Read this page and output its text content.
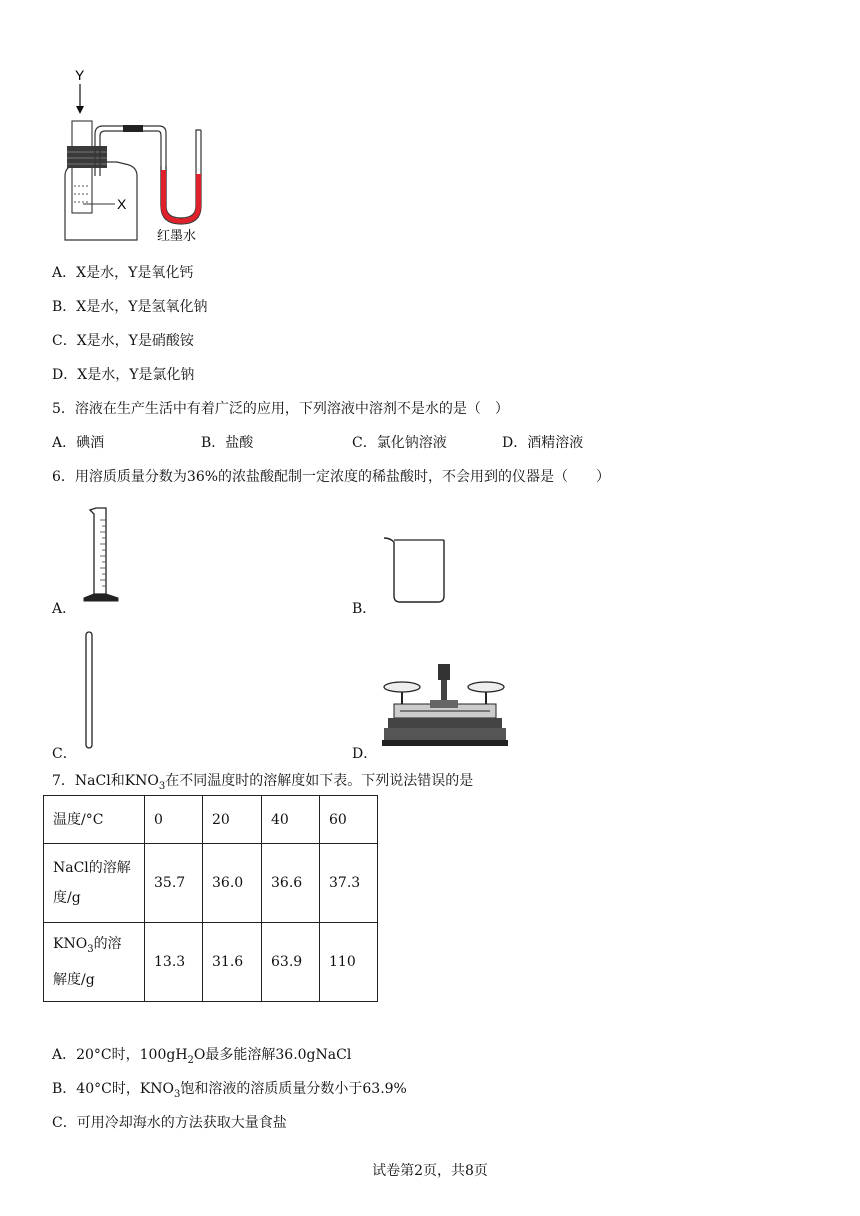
Y
X
红墨水
A．X是水，Y是氧化钙
B．X是水，Y是氢氧化钠
C．X是水，Y是硝酸铵
D．X是水，Y是氯化钠
5．溶液在生产生活中有着广泛的应用，下列溶液中溶剂不是水的是（　）
A．碘酒	B．盐酸	C．氯化钠溶液	D．酒精溶液
6．用溶质质量分数为36%的浓盐酸配制一定浓度的稀盐酸时，不会用到的仪器是（　　）
A．	B．
C．	D．
7．NaCl和$KNO_3$在不同温度时的溶解度如下表。下列说法错误的是
温度/°C	0	20	40	60
NaCl的溶解
度/g	35.7	36.0	36.6	37.3
$KNO_3$的溶
解度/g	13.3	31.6	63.9	110
A．20°C时，$100gH_2O$最多能溶解36.0gNaCl
B．40°C时，$KNO_3$饱和溶液的溶质质量分数小于63.9%
C．可用冷却海水的方法获取大量食盐
试卷第2页，共8页
